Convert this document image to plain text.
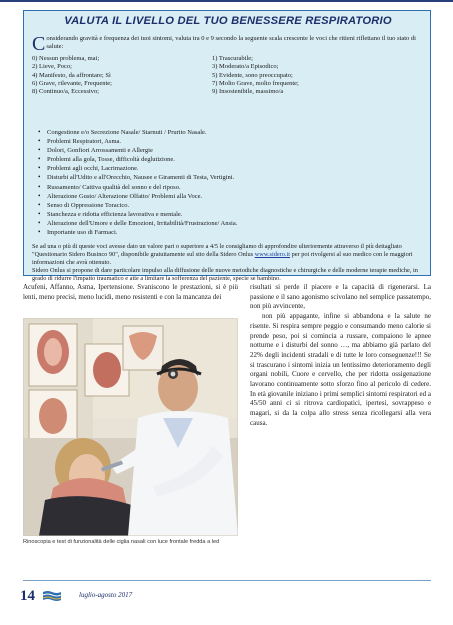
VALUTA IL LIVELLO DEL TUO BENESSERE RESPIRATORIO
Considerando gravità e frequenza dei tuoi sintomi, valuta tra 0 e 9 secondo la seguente scala crescente le voci che ritieni riflettano il tuo stato di salute:
0) Nessun problema, mai;	1) Trascurabile;
2) Lieve, Poco;	3) Moderato/a Episodico;
4) Manifesto, da affrontare; Sì	5) Evidente, sono preoccupato;
6) Grave, rilevante, Frequente;	7) Molto Grave, molto frequente;
8) Continuo/a, Eccessivo;	9) Insostenibile, massimo/a
• Congestione e/o Secrezione Nasale/ Starnuti / Prurito Nasale.
• Problemi Respiratori, Asma.
• Dolori, Gonfiori Arrossamenti e Allergie
• Problemi alla gola, Tosse, difficoltà deglutizione.
• Problemi agli occhi, Lacrimazione.
• Disturbi all'Udito e all'Orecchio, Nausee e Giramenti di Testa, Vertigini.
• Russamento/ Cattiva qualità del sonno e del riposo.
• Alterazione Gusto/ Alterazione Olfatto/ Problemi alla Voce.
• Senso di Oppressione Toracico.
• Stanchezza e ridotta efficienza lavorativa e mentale.
• Alterazione dell'Umore e delle Emozioni, Irritabilità/Frustrazione/ Ansia.
• Importante uso di Farmaci.

Se ad una o più di queste voci avesse dato un valore pari o superiore a 4/5 le consigliamo di approfondire ulteriormente attraverso il più dettagliato "Questionario Sidero Businco 90", disponibile gratuitamente sul sito della Sidero Onlus www.sidero.it per poi rivolgersi al suo medico con le maggiori informazioni che avrà ottenuto.

Sidero Onlus si propone di dare particolare impulso alla diffusione delle nuove metodiche diagnostiche e chirurgiche e delle moderne terapie mediche, in grado di ridurre l'impatto traumatico e atte a limitare la sofferenza del paziente, specie se bambino.

Acufeni, Affanno, Asma, Ipertensione. Svaniscono le prestazioni, si è più lenti, meno precisi, meno lucidi, meno resistenti e con la mancanza dei

Rinoscopia e test di funzionalità delle ciglia nasali con luce frontale fredda a led

risultati si perde il piacere e la capacità di rigenerarsi. La passione e il sano agonismo scivolano nel semplice passatempo, non più avvincente,

non più appagante, infine si abbandona e la salute ne risente. Si respira sempre peggio e consumando meno calorie si prende peso, poi si comincia a russare, compaiono le apnee notturne e i disturbi del sonno …, ma abbiamo già parlato del 22% degli incidenti stradali e di tutte le loro conseguenze!!! Se si trascurano i sintomi inizia un lentissimo deterioramento degli organi nobili, Cuore e cervello, che per ridotta ossigenazione lavorano continuamente sotto sforzo fino al pericolo di cedere. In età giovanile iniziano i primi semplici sintomi respiratori ed a 45/50 anni ci si ritrova cardiopatici, ipertesi, sovrappeso e magari, si da la colpa allo stress senza ricollegarsi alla vera causa.

14	luglio-agosto 2017
